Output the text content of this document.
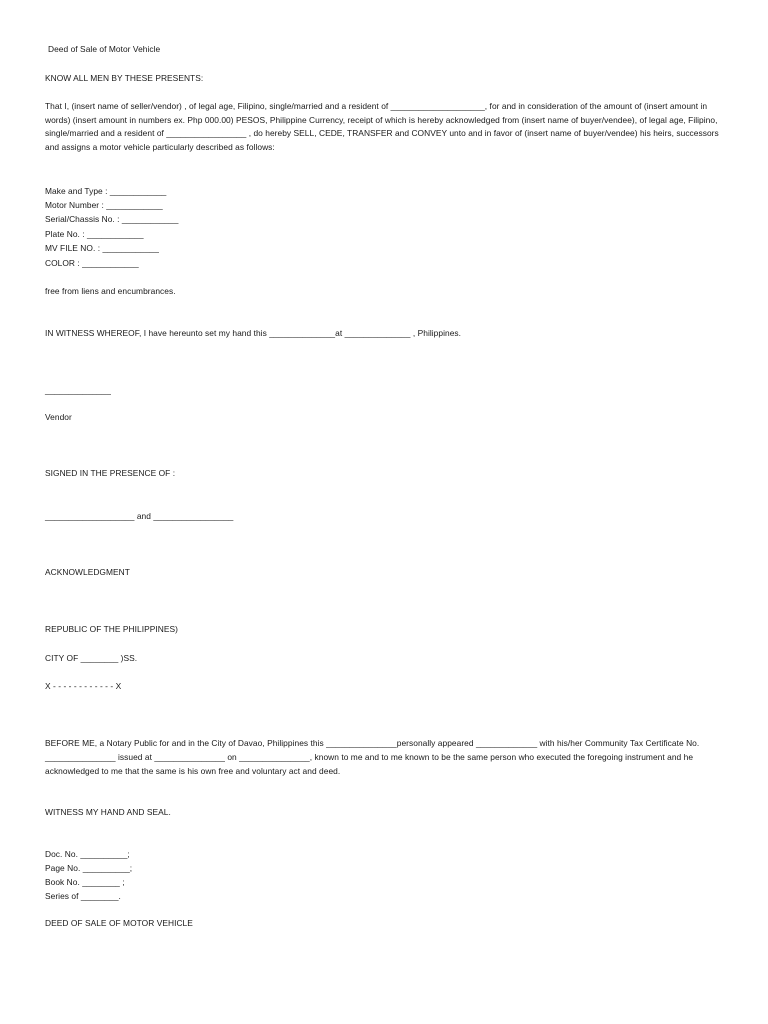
Deed of Sale of Motor Vehicle
KNOW ALL MEN BY THESE PRESENTS:
That I, (insert name of seller/vendor) , of legal age, Filipino, single/married and a resident of ____________________, for and in consideration of the amount of (insert amount in words) (insert amount in numbers ex. Php 000.00) PESOS, Philippine Currency, receipt of which is hereby acknowledged from (insert name of buyer/vendee), of legal age, Filipino, single/married and a resident of _________________ , do hereby SELL, CEDE, TRANSFER and CONVEY unto and in favor of (insert name of buyer/vendee) his heirs, successors and assigns a motor vehicle particularly described as follows:
Make and Type : ____________
Motor Number : ____________
Serial/Chassis No. : ____________
Plate No. : ____________
MV FILE NO. : ____________
COLOR : ____________
free from liens and encumbrances.
IN WITNESS WHEREOF, I have hereunto set my hand this ______________at ______________ , Philippines.
______________
Vendor
SIGNED IN THE PRESENCE OF :
___________________ and _________________
ACKNOWLEDGMENT
REPUBLIC OF THE PHILIPPINES)
CITY OF ________ )SS.
X - - - - - - - - - - - - X
BEFORE ME, a Notary Public for and in the City of Davao, Philippines this _______________personally appeared _____________ with his/her Community Tax Certificate No. _______________ issued at _______________ on _______________, known to me and to me known to be the same person who executed the foregoing instrument and he acknowledged to me that the same is his own free and voluntary act and deed.
WITNESS MY HAND AND SEAL.
Doc. No. __________;
Page No. __________;
Book No. ________ ;
Series of ________.
DEED OF SALE OF MOTOR VEHICLE
